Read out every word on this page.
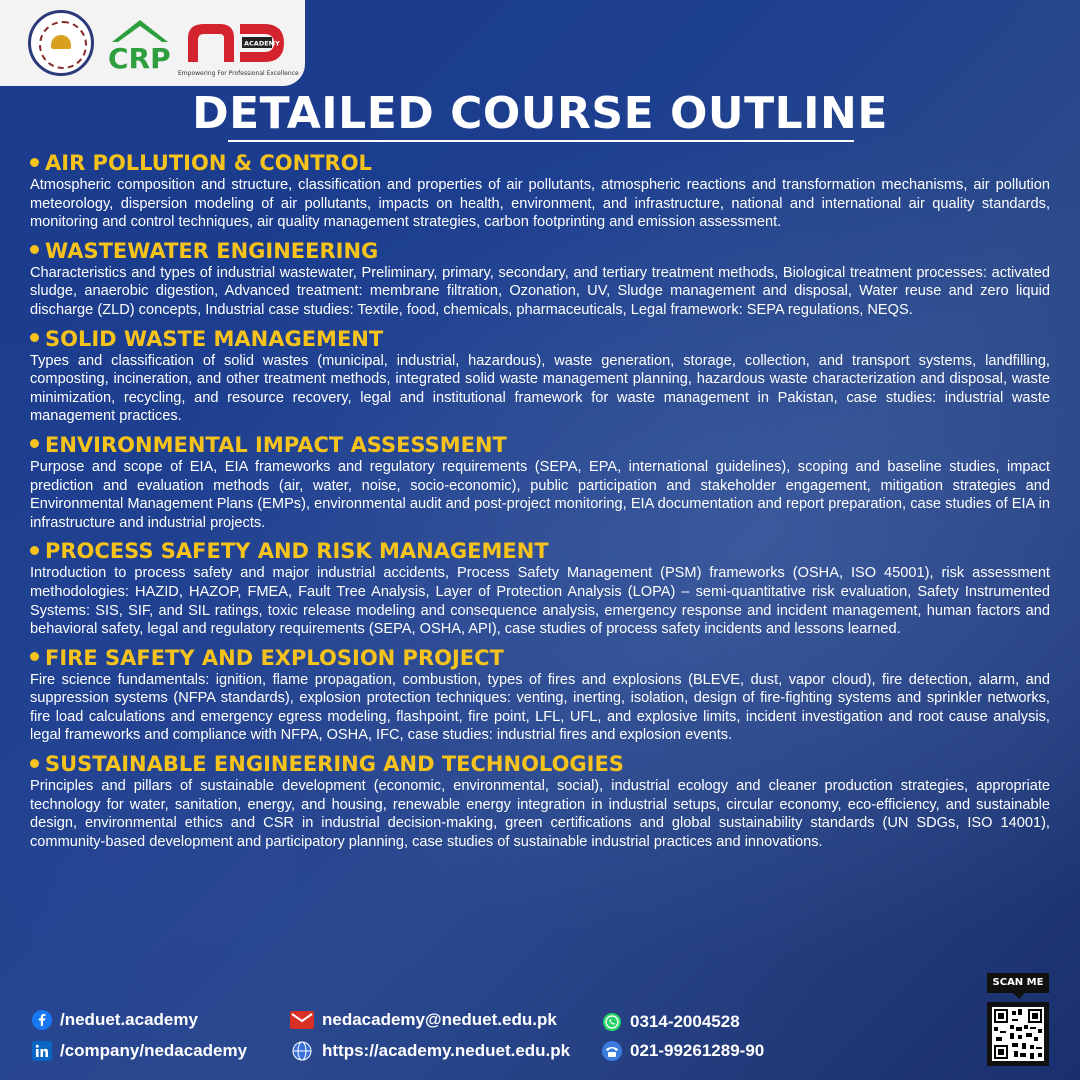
CRP	ACADEMY
Empowering For Professional Excellence
DETAILED COURSE OUTLINE
AIR POLLUTION & CONTROL

Atmospheric composition and structure, classification and properties of air pollutants, atmospheric reactions and transformation mechanisms, air pollution meteorology, dispersion modeling of air pollutants, impacts on health, environment, and infrastructure, national and international air quality standards, monitoring and control techniques, air quality management strategies, carbon footprinting and emission assessment.

WASTEWATER ENGINEERING

Characteristics and types of industrial wastewater, Preliminary, primary, secondary, and tertiary treatment methods, Biological treatment processes: activated sludge, anaerobic digestion, Advanced treatment: membrane filtration, Ozonation, UV, Sludge management and disposal, Water reuse and zero liquid discharge (ZLD) concepts, Industrial case studies: Textile, food, chemicals, pharmaceuticals, Legal framework: SEPA regulations, NEQS.

SOLID WASTE MANAGEMENT

Types and classification of solid wastes (municipal, industrial, hazardous), waste generation, storage, collection, and transport systems, landfilling, composting, incineration, and other treatment methods, integrated solid waste management planning, hazardous waste characterization and disposal, waste minimization, recycling, and resource recovery, legal and institutional framework for waste management in Pakistan, case studies: industrial waste management practices.

ENVIRONMENTAL IMPACT ASSESSMENT

Purpose and scope of EIA, EIA frameworks and regulatory requirements (SEPA, EPA, international guidelines), scoping and baseline studies, impact prediction and evaluation methods (air, water, noise, socio-economic), public participation and stakeholder engagement, mitigation strategies and Environmental Management Plans (EMPs), environmental audit and post-project monitoring, EIA documentation and report preparation, case studies of EIA in infrastructure and industrial projects.

PROCESS SAFETY AND RISK MANAGEMENT

Introduction to process safety and major industrial accidents, Process Safety Management (PSM) frameworks (OSHA, ISO 45001), risk assessment methodologies: HAZID, HAZOP, FMEA, Fault Tree Analysis, Layer of Protection Analysis (LOPA) – semi-quantitative risk evaluation, Safety Instrumented Systems: SIS, SIF, and SIL ratings, toxic release modeling and consequence analysis, emergency response and incident management, human factors and behavioral safety, legal and regulatory requirements (SEPA, OSHA, API), case studies of process safety incidents and lessons learned.

FIRE SAFETY AND EXPLOSION PROJECT

Fire science fundamentals: ignition, flame propagation, combustion, types of fires and explosions (BLEVE, dust, vapor cloud), fire detection, alarm, and suppression systems (NFPA standards), explosion protection techniques: venting, inerting, isolation, design of fire-fighting systems and sprinkler networks, fire load calculations and emergency egress modeling, flashpoint, fire point, LFL, UFL, and explosive limits, incident investigation and root cause analysis, legal frameworks and compliance with NFPA, OSHA, IFC, case studies: industrial fires and explosion events.

SUSTAINABLE ENGINEERING AND TECHNOLOGIES

Principles and pillars of sustainable development (economic, environmental, social), industrial ecology and cleaner production strategies, appropriate technology for water, sanitation, energy, and housing, renewable energy integration in industrial setups, circular economy, eco-efficiency, and sustainable design, environmental ethics and CSR in industrial decision-making, green certifications and global sustainability standards (UN SDGs, ISO 14001), community-based development and participatory planning, case studies of sustainable industrial practices and innovations.

/neduet.academy
/company/nedacademy
nedacademy@neduet.edu.pk
https://academy.neduet.edu.pk
0314-2004528
021-99261289-90
SCAN ME
